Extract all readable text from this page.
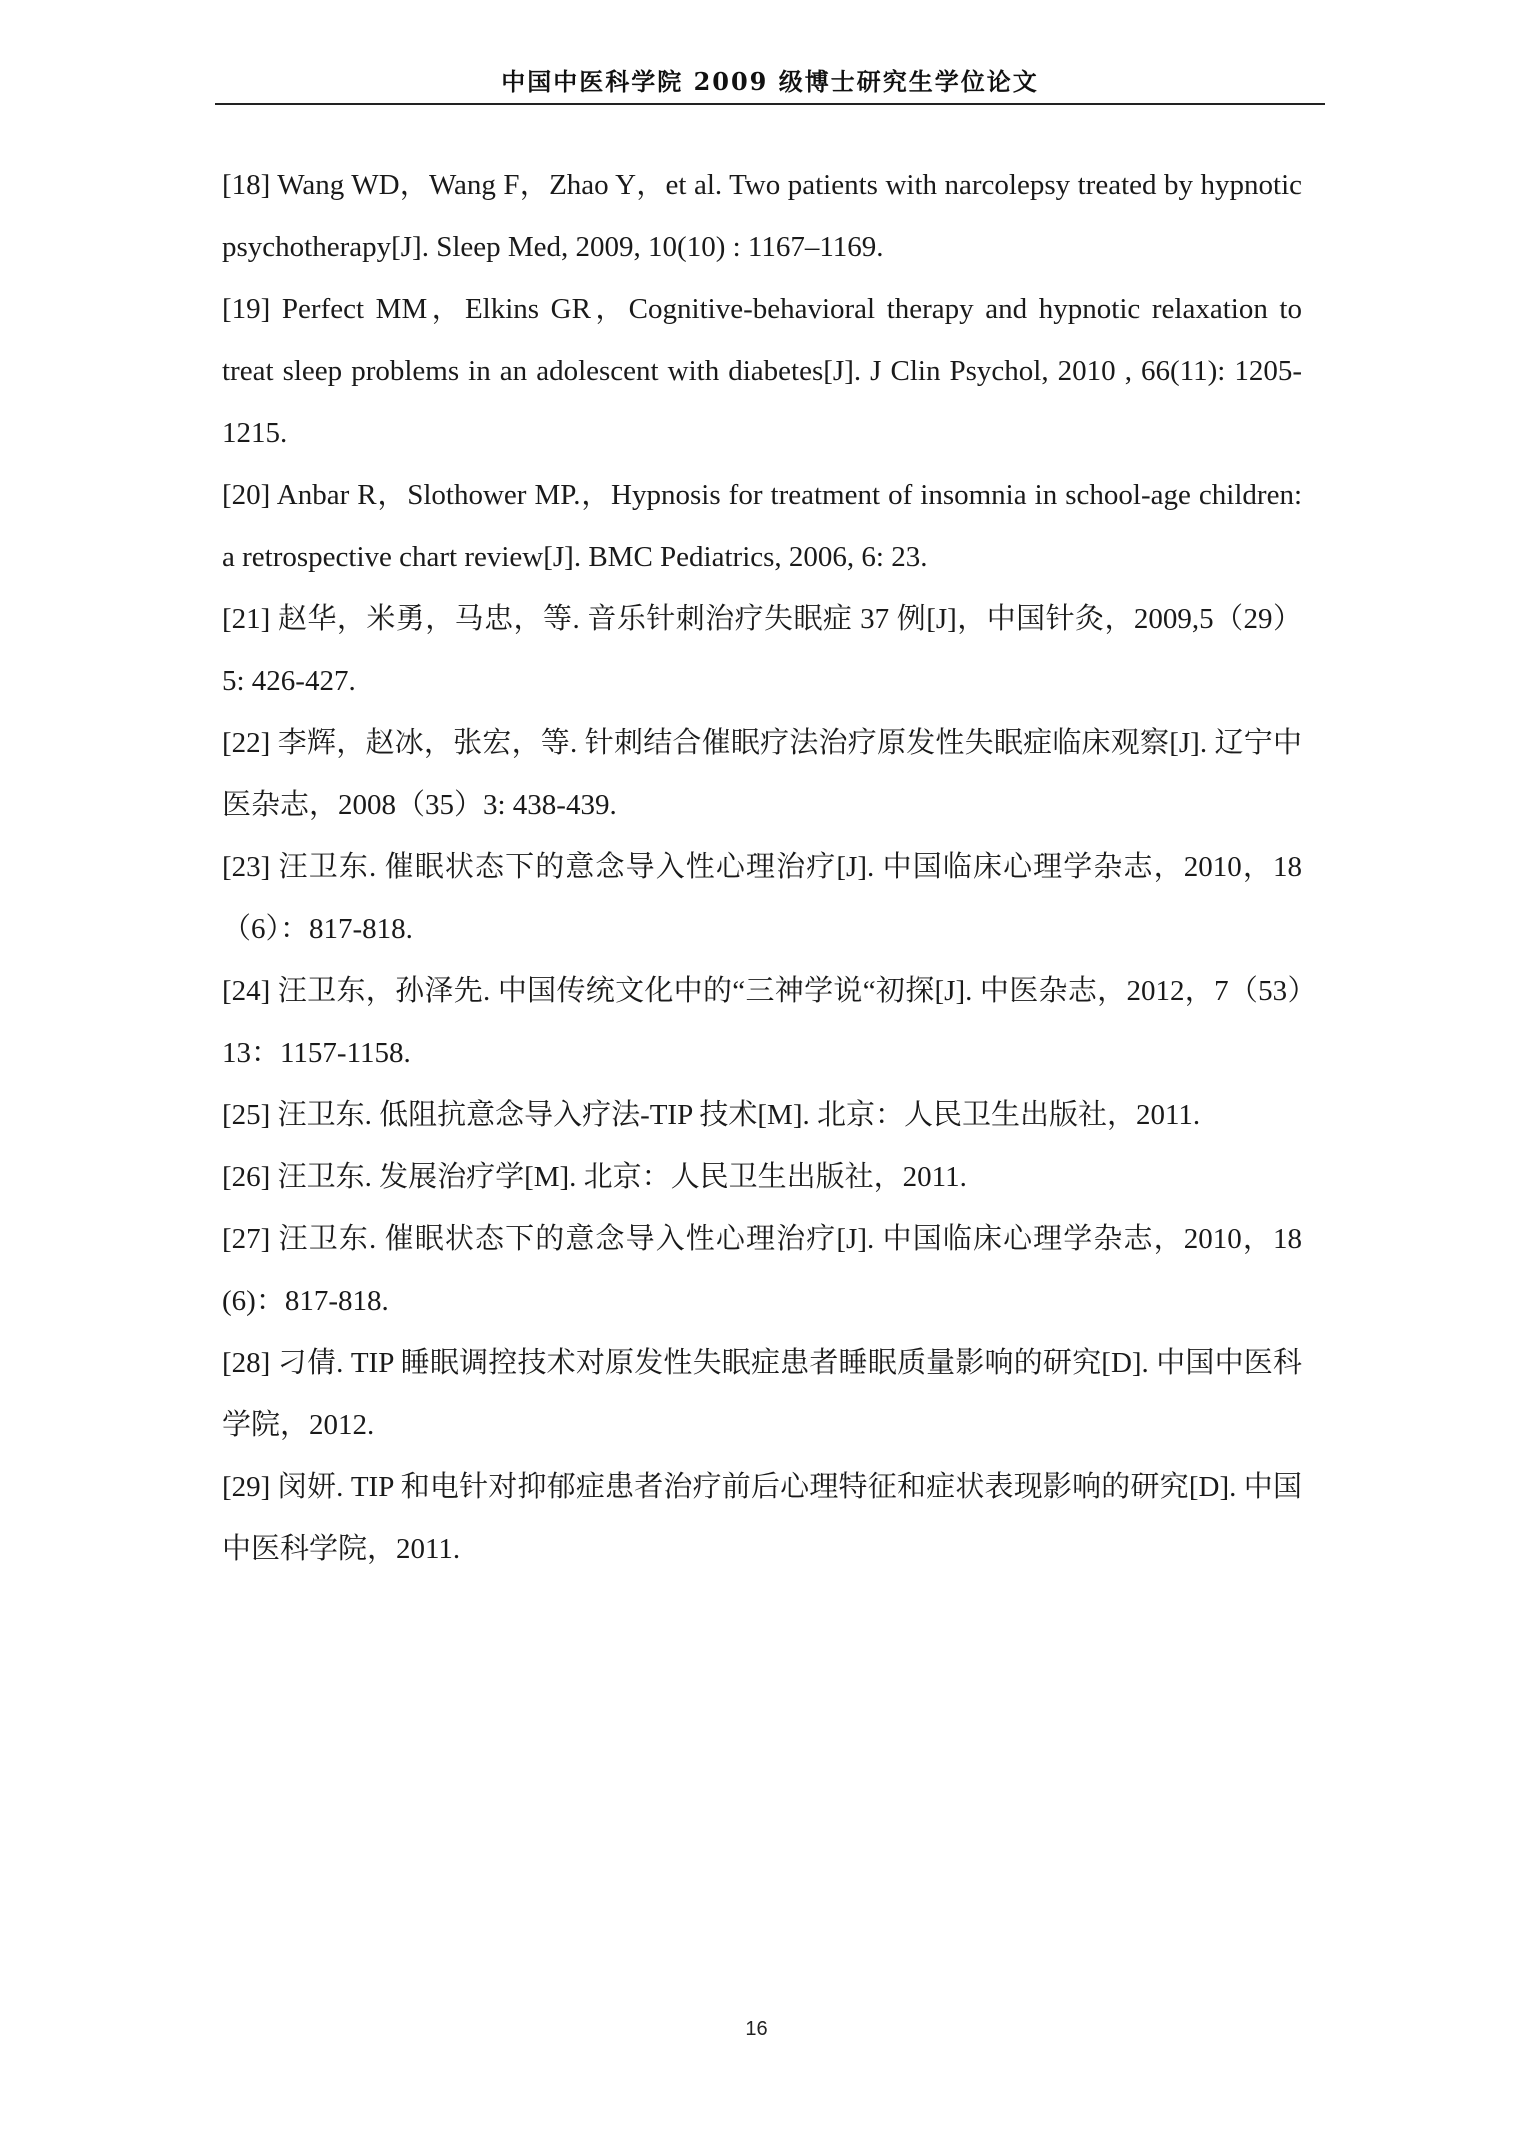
中国中医科学院 2009 级博士研究生学位论文
[18] Wang WD，Wang F，Zhao Y，et al. Two patients with narcolepsy treated by hypnotic psychotherapy[J]. Sleep Med, 2009, 10(10) : 1167–1169.
[19] Perfect MM，Elkins GR，Cognitive-behavioral therapy and hypnotic relaxation to treat sleep problems in an adolescent with diabetes[J]. J Clin Psychol, 2010 , 66(11): 1205-1215.
[20] Anbar R，Slothower MP.，Hypnosis for treatment of insomnia in school-age children: a retrospective chart review[J]. BMC Pediatrics, 2006, 6: 23.
[21] 赵华，米勇，马忠，等. 音乐针刺治疗失眠症 37 例[J]，中国针灸，2009,5（29）5: 426-427.
[22] 李辉，赵冰，张宏，等. 针刺结合催眠疗法治疗原发性失眠症临床观察[J]. 辽宁中医杂志，2008（35）3: 438-439.
[23] 汪卫东. 催眠状态下的意念导入性心理治疗[J]. 中国临床心理学杂志，2010，18（6）：817-818.
[24] 汪卫东，孙泽先. 中国传统文化中的“三神学说“初探[J]. 中医杂志，2012，7（53）13：1157-1158.
[25] 汪卫东. 低阻抗意念导入疗法-TIP 技术[M]. 北京：人民卫生出版社，2011.
[26] 汪卫东. 发展治疗学[M]. 北京：人民卫生出版社，2011.
[27] 汪卫东. 催眠状态下的意念导入性心理治疗[J]. 中国临床心理学杂志，2010，18 (6)：817-818.
[28] 刁倩. TIP 睡眠调控技术对原发性失眠症患者睡眠质量影响的研究[D]. 中国中医科学院，2012.
[29] 闵妍. TIP 和电针对抑郁症患者治疗前后心理特征和症状表现影响的研究[D]. 中国中医科学院，2011.
16
